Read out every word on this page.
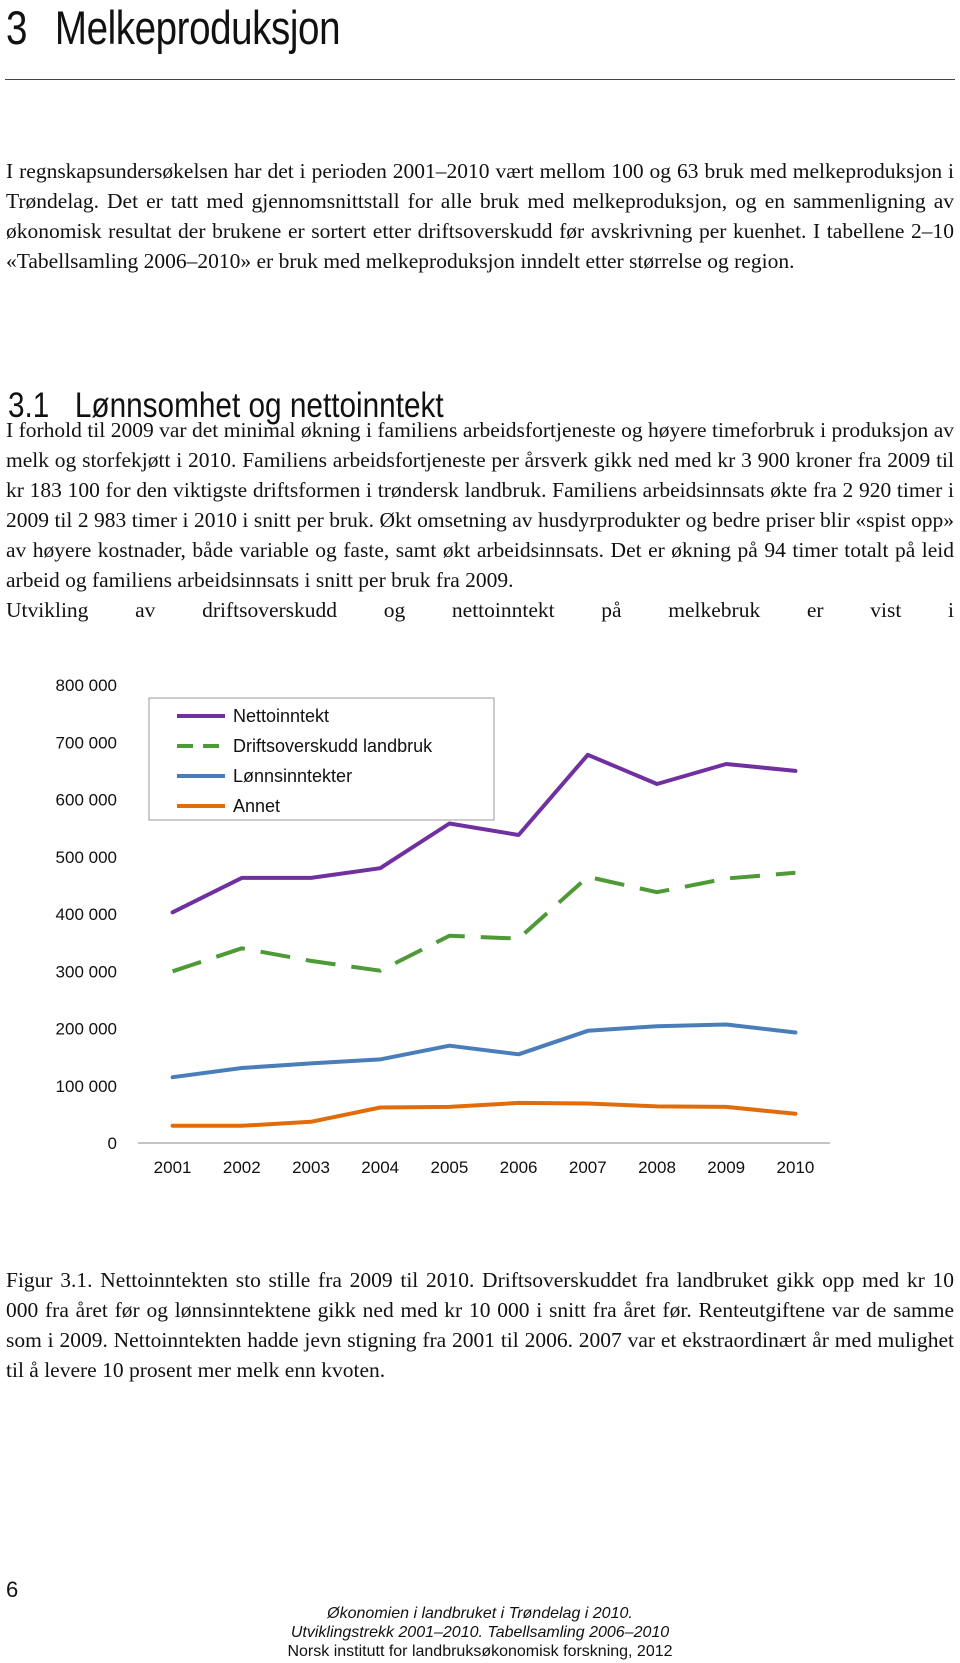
3 Melkeproduksjon
I regnskapsundersøkelsen har det i perioden 2001–2010 vært mellom 100 og 63 bruk med melkeproduksjon i Trøndelag. Det er tatt med gjennomsnittstall for alle bruk med melkeproduksjon, og en sammenligning av økonomisk resultat der brukene er sortert etter driftsoverskudd før avskrivning per kuenhet. I tabellene 2–10 «Tabellsamling 2006–2010» er bruk med melkeproduksjon inndelt etter størrelse og region.
3.1 Lønnsomhet og nettoinntekt
I forhold til 2009 var det minimal økning i familiens arbeidsfortjeneste og høyere timeforbruk i produksjon av melk og storfekjøtt i 2010. Familiens arbeidsfortjeneste per årsverk gikk ned med kr 3 900 kroner fra 2009 til kr 183 100 for den viktigste driftsformen i trøndersk landbruk. Familiens arbeidsinnsats økte fra 2 920 timer i 2009 til 2 983 timer i 2010 i snitt per bruk. Økt omsetning av husdyrprodukter og bedre priser blir «spist opp» av høyere kostnader, både variable og faste, samt økt arbeidsinnsats. Det er økning på 94 timer totalt på leid arbeid og familiens arbeidsinnsats i snitt per bruk fra 2009.

Utvikling av driftsoverskudd og nettoinntekt på melkebruk er vist i
0
100 000
200 000
300 000
400 000
500 000
600 000
700 000
800 000
2001 2002 2003 2004 2005 2006 2007 2008 2009 2010
Nettoinntekt
Driftsoverskudd landbruk
Lønnsinntekter
Annet
Figur 3.1. Nettoinntekten sto stille fra 2009 til 2010. Driftsoverskuddet fra landbruket gikk opp med kr 10 000 fra året før og lønnsinntektene gikk ned med kr 10 000 i snitt fra året før. Renteutgiftene var de samme som i 2009. Nettoinntekten hadde jevn stigning fra 2001 til 2006. 2007 var et ekstraordinært år med mulighet til å levere 10 prosent mer melk enn kvoten.
6
Økonomien i landbruket i Trøndelag i 2010.
Utviklingstrekk 2001–2010. Tabellsamling 2006–2010
Norsk institutt for landbruksøkonomisk forskning, 2012
